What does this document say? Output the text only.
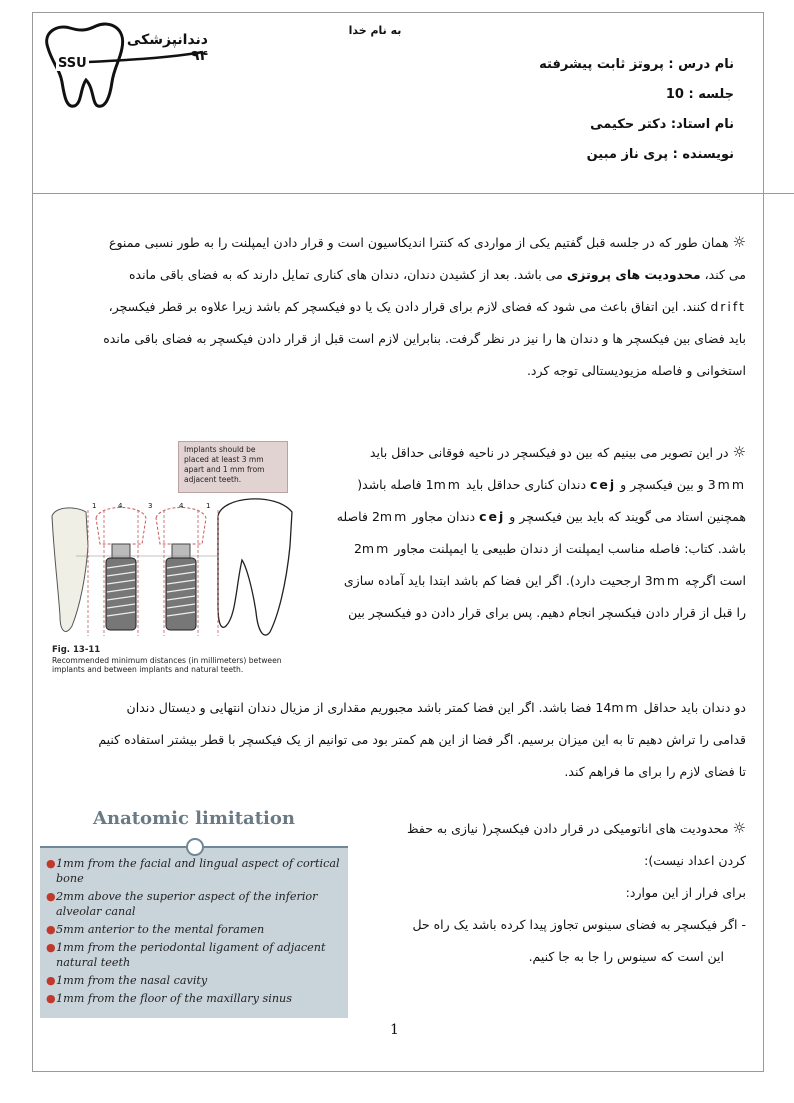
دندانپزشکی ۹۴
SSU
به نام خدا
نام درس : پروتز ثابت پیشرفته
جلسه : 10
نام استاد: دکتر حکیمی
نویسنده : پری ناز مبین
☼همان طور که در جلسه قبل گفتیم یکی از مواردی که کنترا اندیکاسیون است و قرار دادن ایمپلنت را به طور نسبی ممنوع
می کند، محدودیت های پروتزی می باشد. بعد از کشیدن دندان، دندان های کناری تمایل دارند که به فضای باقی مانده
drift کنند. این اتفاق باعث می شود که فضای لازم برای قرار دادن یک یا دو فیکسچر کم باشد زیرا علاوه بر قطر فیکسچر،
باید فضای بین فیکسچر ها و دندان ها را نیز در نظر گرفت. بنابراین لازم است قبل از قرار دادن فیکسچر به فضای باقی مانده
استخوانی و فاصله مزیودیستالی توجه کرد.
1	4	3	4	1
Implants should be placed at least 3 mm apart and 1 mm from adjacent teeth.
Fig. 13-11
Recommended minimum distances (in millimeters) between implants and between implants and natural teeth.
☼در این تصویر می بینیم که بین دو فیکسچر در ناحیه فوقانی حداقل باید
3mm و بین فیکسچر و cej دندان کناری حداقل باید 1mm فاصله باشد(
همچنین استاد می گویند که باید بین فیکسچر و cej دندان مجاور 2mm فاصله
باشد. کتاب: فاصله مناسب ایمپلنت از دندان طبیعی یا ایمپلنت مجاور 2mm
است اگرچه 3mm ارجحیت دارد). اگر این فضا کم باشد ابتدا باید آماده سازی
را قبل از قرار دادن فیکسچر انجام دهیم. پس برای قرار دادن دو فیکسچر بین
دو دندان باید حداقل 14mm فضا باشد. اگر این فضا کمتر باشد مجبوریم مقداری از مزیال دندان انتهایی و دیستال دندان
قدامی را تراش دهیم تا به این میزان برسیم. اگر فضا از این هم کمتر بود می توانیم از یک فیکسچر با قطر بیشتر استفاده کنیم
تا فضای لازم را برای ما فراهم کند.
Anatomic limitation
● 1mm from the facial and lingual aspect of cortical bone
● 2mm above the superior aspect of the inferior alveolar canal
● 5mm anterior to the mental foramen
● 1mm from the periodontal ligament of adjacent natural teeth
● 1mm from the nasal cavity
● 1mm from the floor of the maxillary sinus
☼محدودیت های اناتومیکی در قرار دادن فیکسچر( نیازی به حفظ
کردن اعداد نیست):
برای فرار از این موارد:
- اگر فیکسچر به فضای سینوس تجاوز پیدا کرده باشد یک راه حل
این است که سینوس را جا به جا کنیم.
1
